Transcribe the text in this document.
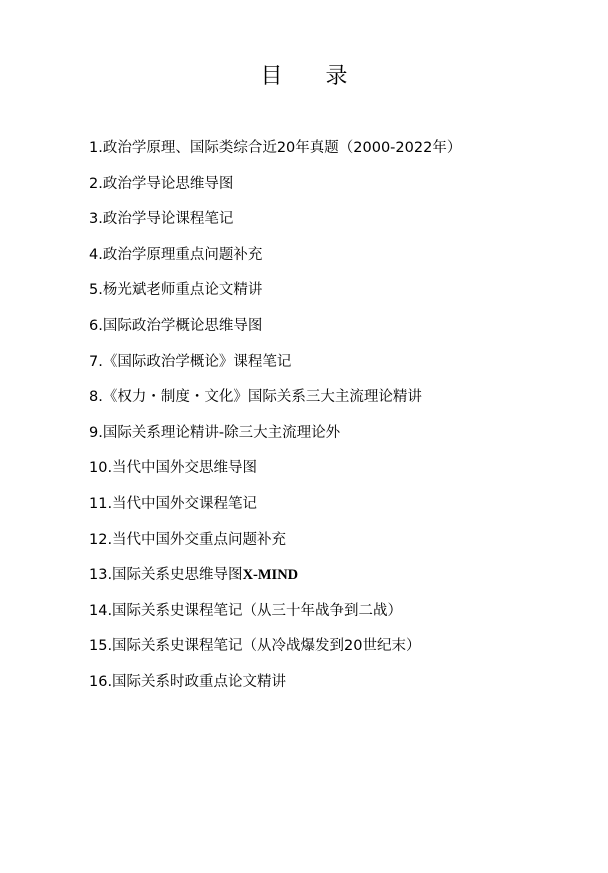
目 录
1.政治学原理、国际类综合近20年真题（2000-2022年）
2.政治学导论思维导图
3.政治学导论课程笔记
4.政治学原理重点问题补充
5.杨光斌老师重点论文精讲
6.国际政治学概论思维导图
7.《国际政治学概论》课程笔记
8.《权力・制度・文化》国际关系三大主流理论精讲
9.国际关系理论精讲-除三大主流理论外
10.当代中国外交思维导图
11.当代中国外交课程笔记
12.当代中国外交重点问题补充
13.国际关系史思维导图X-MIND
14.国际关系史课程笔记（从三十年战争到二战）
15.国际关系史课程笔记（从冷战爆发到20世纪末）
16.国际关系时政重点论文精讲
